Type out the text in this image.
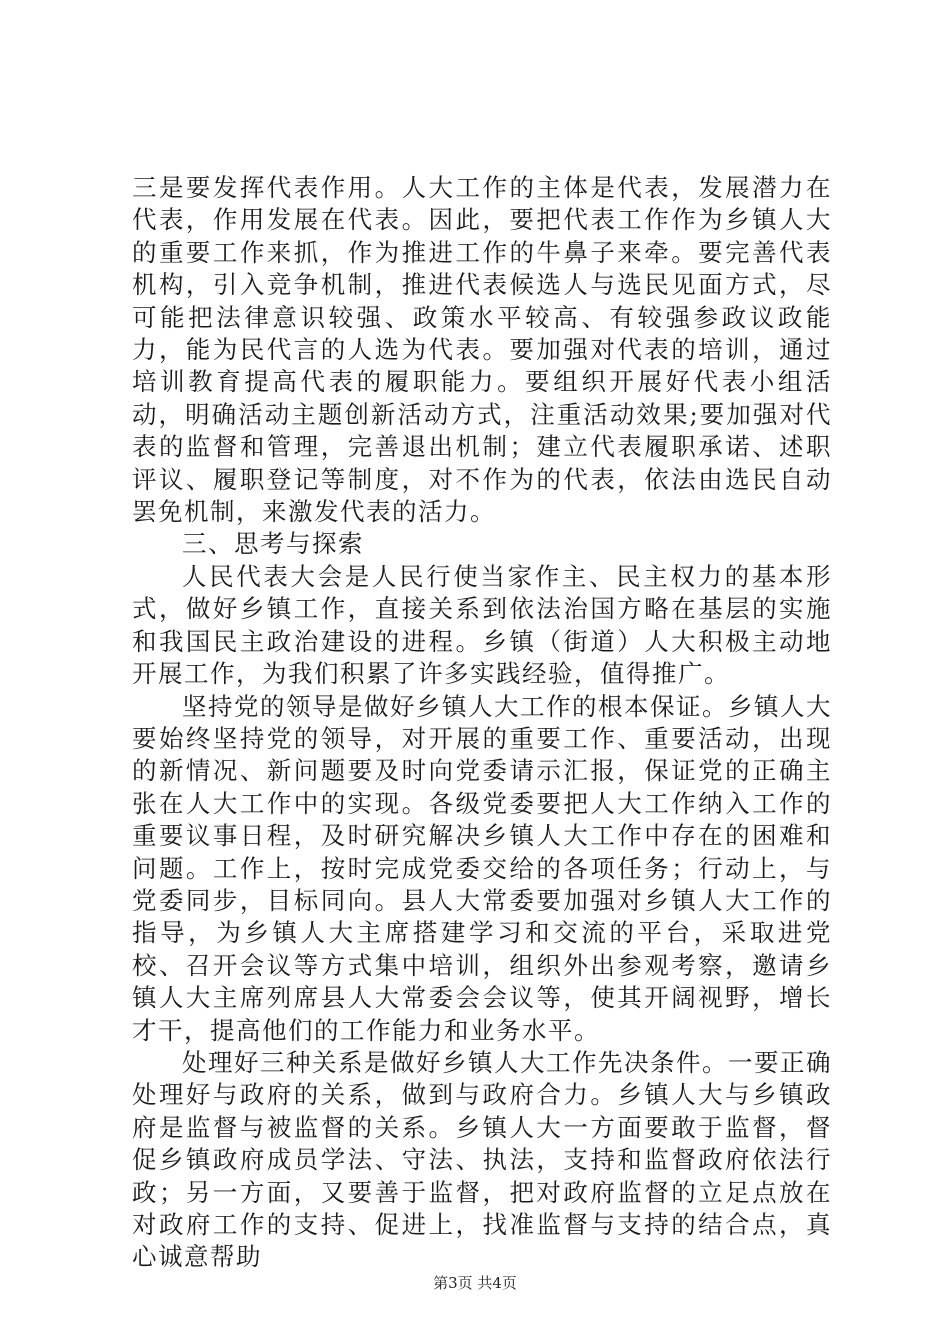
三是要发挥代表作用。人大工作的主体是代表，发展潜力在代表，作用发展在代表。因此，要把代表工作作为乡镇人大的重要工作来抓，作为推进工作的牛鼻子来牵。要完善代表机构，引入竞争机制，推进代表候选人与选民见面方式，尽可能把法律意识较强、政策水平较高、有较强参政议政能力，能为民代言的人选为代表。要加强对代表的培训，通过培训教育提高代表的履职能力。要组织开展好代表小组活动，明确活动主题创新活动方式，注重活动效果;要加强对代表的监督和管理，完善退出机制；建立代表履职承诺、述职评议、履职登记等制度，对不作为的代表，依法由选民自动罢免机制，来激发代表的活力。

三、思考与探索

人民代表大会是人民行使当家作主、民主权力的基本形式，做好乡镇工作，直接关系到依法治国方略在基层的实施和我国民主政治建设的进程。乡镇（街道）人大积极主动地开展工作，为我们积累了许多实践经验，值得推广。

坚持党的领导是做好乡镇人大工作的根本保证。乡镇人大要始终坚持党的领导，对开展的重要工作、重要活动，出现的新情况、新问题要及时向党委请示汇报，保证党的正确主张在人大工作中的实现。各级党委要把人大工作纳入工作的重要议事日程，及时研究解决乡镇人大工作中存在的困难和问题。工作上，按时完成党委交给的各项任务；行动上，与党委同步，目标同向。县人大常委要加强对乡镇人大工作的指导，为乡镇人大主席搭建学习和交流的平台，采取进党校、召开会议等方式集中培训，组织外出参观考察，邀请乡镇人大主席列席县人大常委会会议等，使其开阔视野，增长才干，提高他们的工作能力和业务水平。

处理好三种关系是做好乡镇人大工作先决条件。一要正确处理好与政府的关系，做到与政府合力。乡镇人大与乡镇政府是监督与被监督的关系。乡镇人大一方面要敢于监督，督促乡镇政府成员学法、守法、执法，支持和监督政府依法行政；另一方面，又要善于监督，把对政府监督的立足点放在对政府工作的支持、促进上，找准监督与支持的结合点，真心诚意帮助

第3页 共4页
